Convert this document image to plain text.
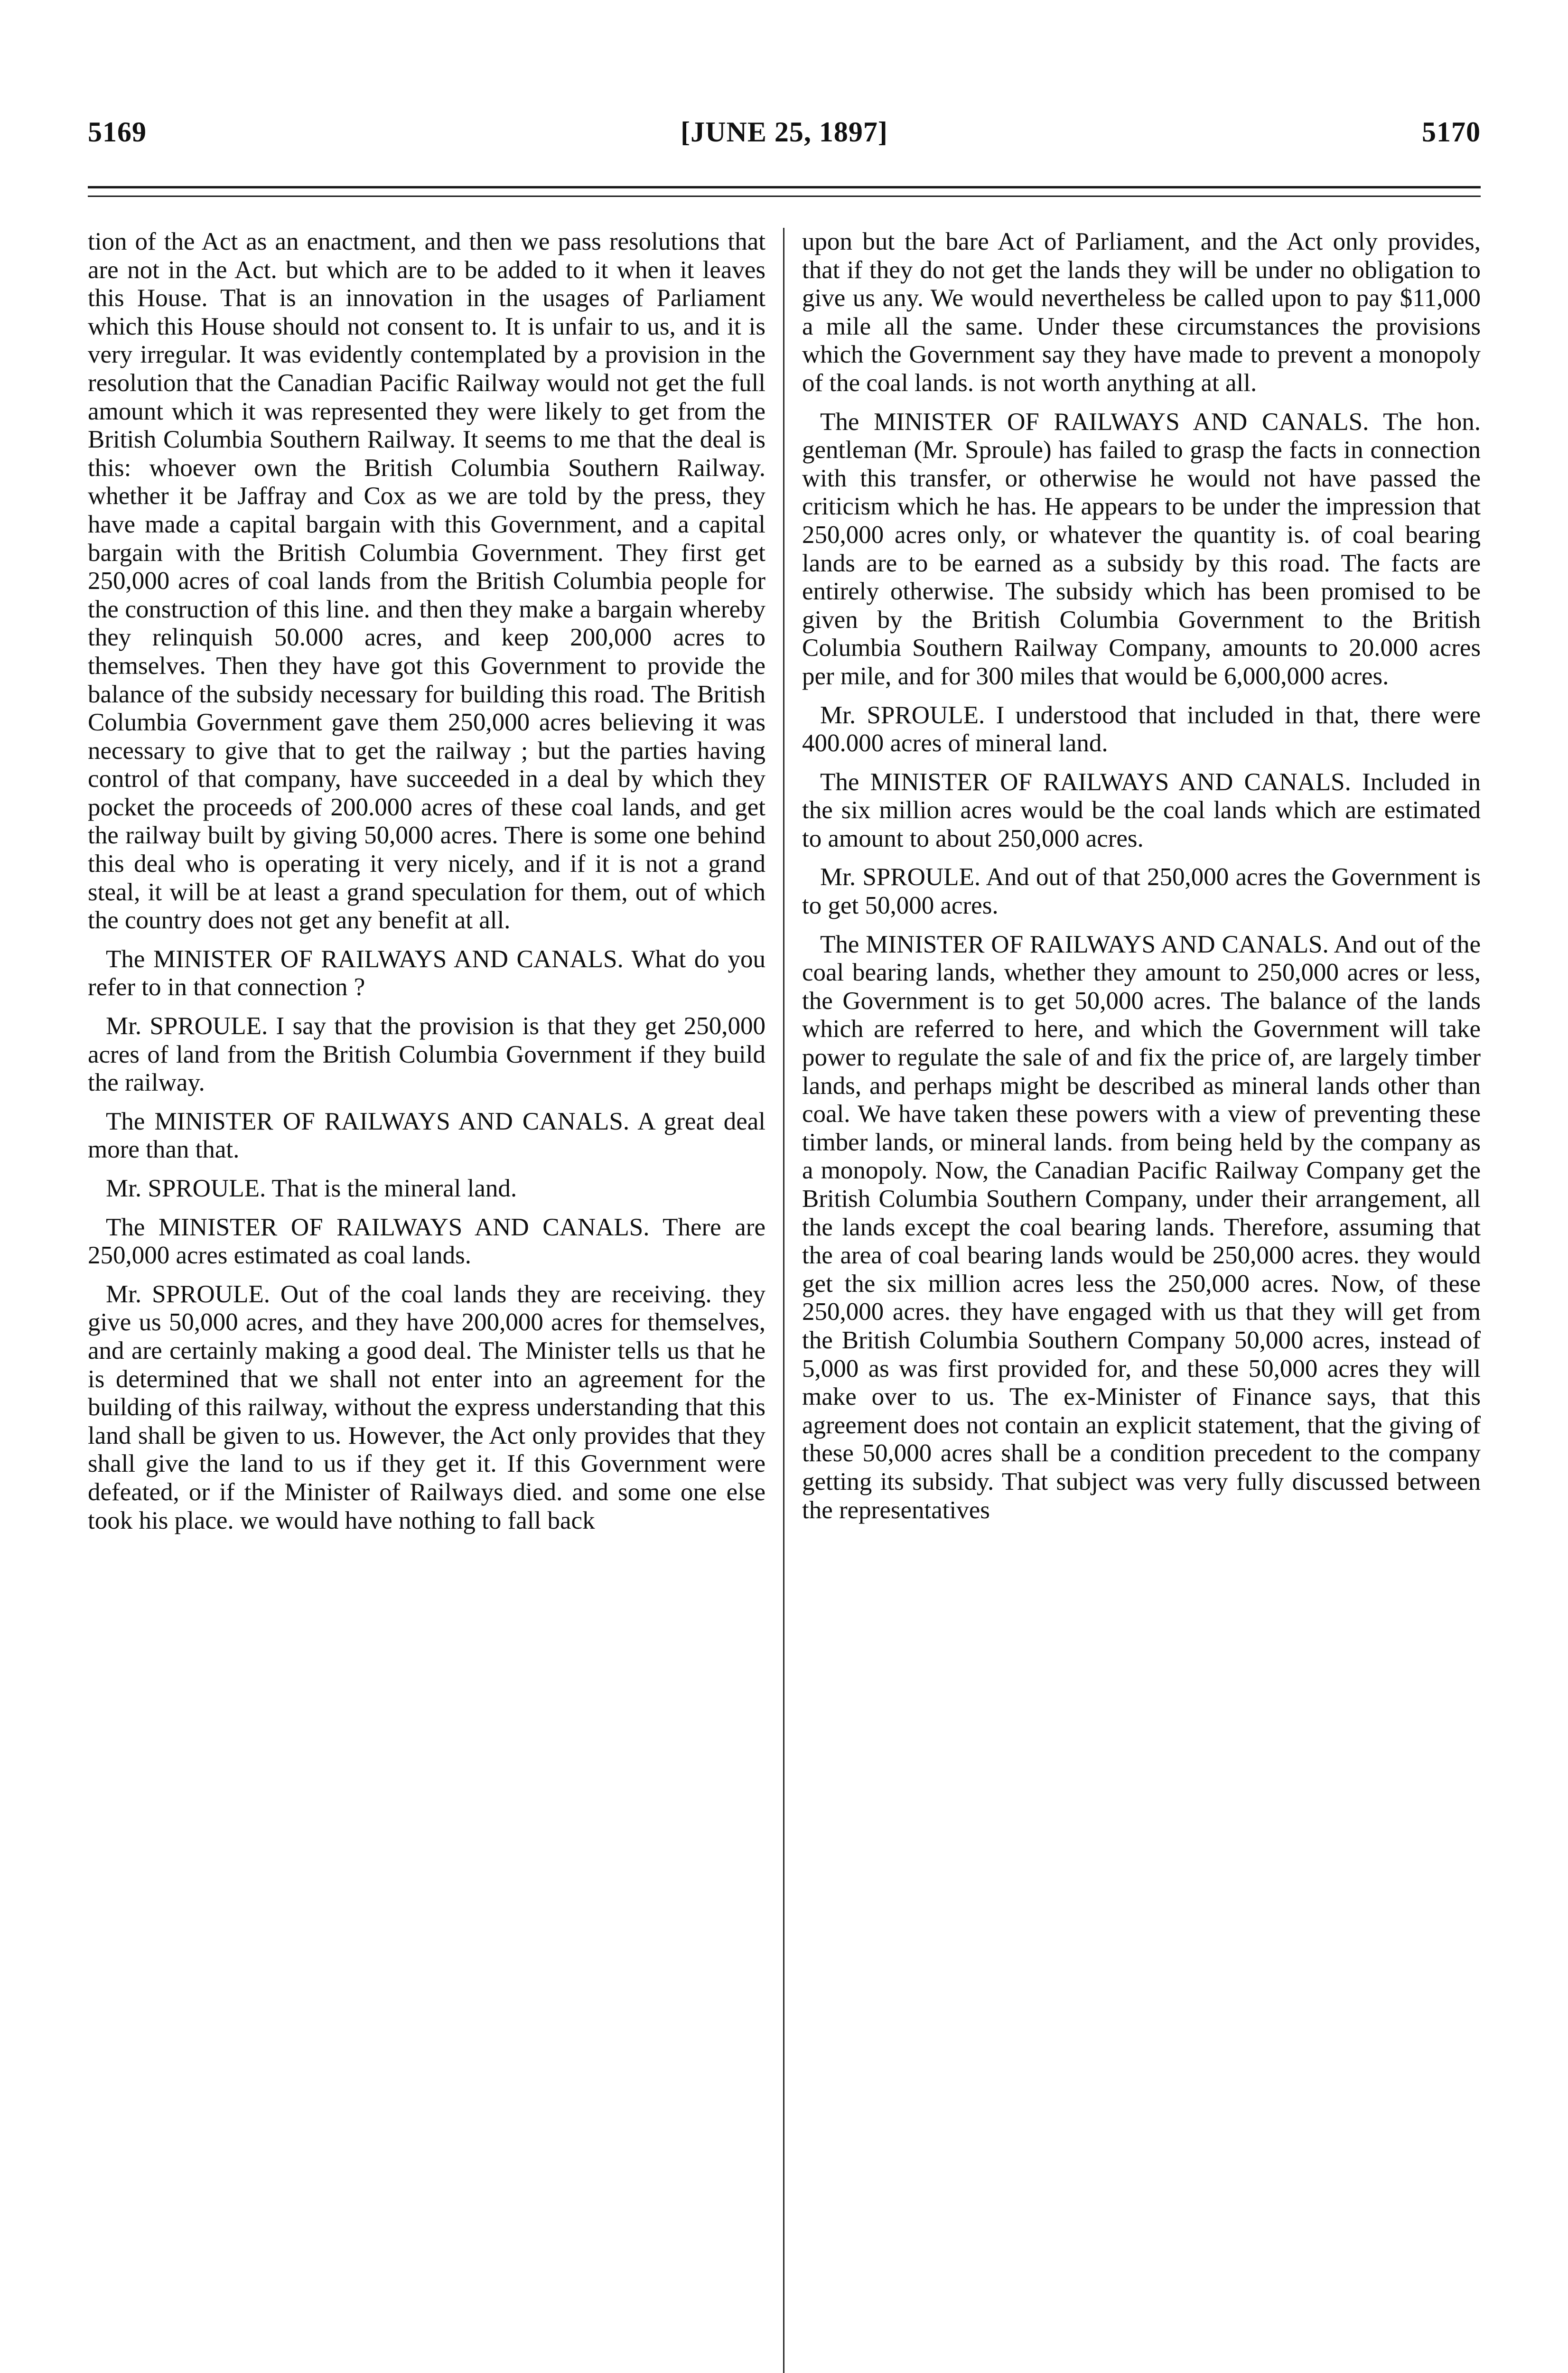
5169	[JUNE 25, 1897]	5170

tion of the Act as an enactment, and then we pass resolutions that are not in the Act. but which are to be added to it when it leaves this House. That is an innovation in the usages of Parliament which this House should not consent to. It is unfair to us, and it is very irregular. It was evidently contemplated by a provision in the resolution that the Canadian Pacific Railway would not get the full amount which it was represented they were likely to get from the British Columbia Southern Railway. It seems to me that the deal is this: whoever own the British Columbia Southern Railway. whether it be Jaffray and Cox as we are told by the press, they have made a capital bargain with this Government, and a capital bargain with the British Columbia Government. They first get 250,000 acres of coal lands from the British Columbia people for the construction of this line. and then they make a bargain whereby they relinquish 50.000 acres, and keep 200,000 acres to themselves. Then they have got this Government to provide the balance of the subsidy necessary for building this road. The British Columbia Government gave them 250,000 acres believing it was necessary to give that to get the railway ; but the parties having control of that company, have succeeded in a deal by which they pocket the proceeds of 200.000 acres of these coal lands, and get the railway built by giving 50,000 acres. There is some one behind this deal who is operating it very nicely, and if it is not a grand steal, it will be at least a grand speculation for them, out of which the country does not get any benefit at all.

The MINISTER OF RAILWAYS AND CANALS. What do you refer to in that connection ?

Mr. SPROULE. I say that the provision is that they get 250,000 acres of land from the British Columbia Government if they build the railway.

The MINISTER OF RAILWAYS AND CANALS. A great deal more than that.

Mr. SPROULE. That is the mineral land.

The MINISTER OF RAILWAYS AND CANALS. There are 250,000 acres estimated as coal lands.

Mr. SPROULE. Out of the coal lands they are receiving. they give us 50,000 acres, and they have 200,000 acres for themselves, and are certainly making a good deal. The Minister tells us that he is determined that we shall not enter into an agreement for the building of this railway, without the express understanding that this land shall be given to us. However, the Act only provides that they shall give the land to us if they get it. If this Government were defeated, or if the Minister of Railways died. and some one else took his place. we would have nothing to fall back

upon but the bare Act of Parliament, and the Act only provides, that if they do not get the lands they will be under no obligation to give us any. We would nevertheless be called upon to pay $11,000 a mile all the same. Under these circumstances the provisions which the Government say they have made to prevent a monopoly of the coal lands. is not worth anything at all.

The MINISTER OF RAILWAYS AND CANALS. The hon. gentleman (Mr. Sproule) has failed to grasp the facts in connection with this transfer, or otherwise he would not have passed the criticism which he has. He appears to be under the impression that 250,000 acres only, or whatever the quantity is. of coal bearing lands are to be earned as a subsidy by this road. The facts are entirely otherwise. The subsidy which has been promised to be given by the British Columbia Government to the British Columbia Southern Railway Company, amounts to 20.000 acres per mile, and for 300 miles that would be 6,000,000 acres.

Mr. SPROULE. I understood that included in that, there were 400.000 acres of mineral land.

The MINISTER OF RAILWAYS AND CANALS. Included in the six million acres would be the coal lands which are estimated to amount to about 250,000 acres.

Mr. SPROULE. And out of that 250,000 acres the Government is to get 50,000 acres.

The MINISTER OF RAILWAYS AND CANALS. And out of the coal bearing lands, whether they amount to 250,000 acres or less, the Government is to get 50,000 acres. The balance of the lands which are referred to here, and which the Government will take power to regulate the sale of and fix the price of, are largely timber lands, and perhaps might be described as mineral lands other than coal. We have taken these powers with a view of preventing these timber lands, or mineral lands. from being held by the company as a monopoly. Now, the Canadian Pacific Railway Company get the British Columbia Southern Company, under their arrangement, all the lands except the coal bearing lands. Therefore, assuming that the area of coal bearing lands would be 250,000 acres. they would get the six million acres less the 250,000 acres. Now, of these 250,000 acres. they have engaged with us that they will get from the British Columbia Southern Company 50,000 acres, instead of 5,000 as was first provided for, and these 50,000 acres they will make over to us. The ex-Minister of Finance says, that this agreement does not contain an explicit statement, that the giving of these 50,000 acres shall be a condition precedent to the company getting its subsidy. That subject was very fully discussed between the representatives
